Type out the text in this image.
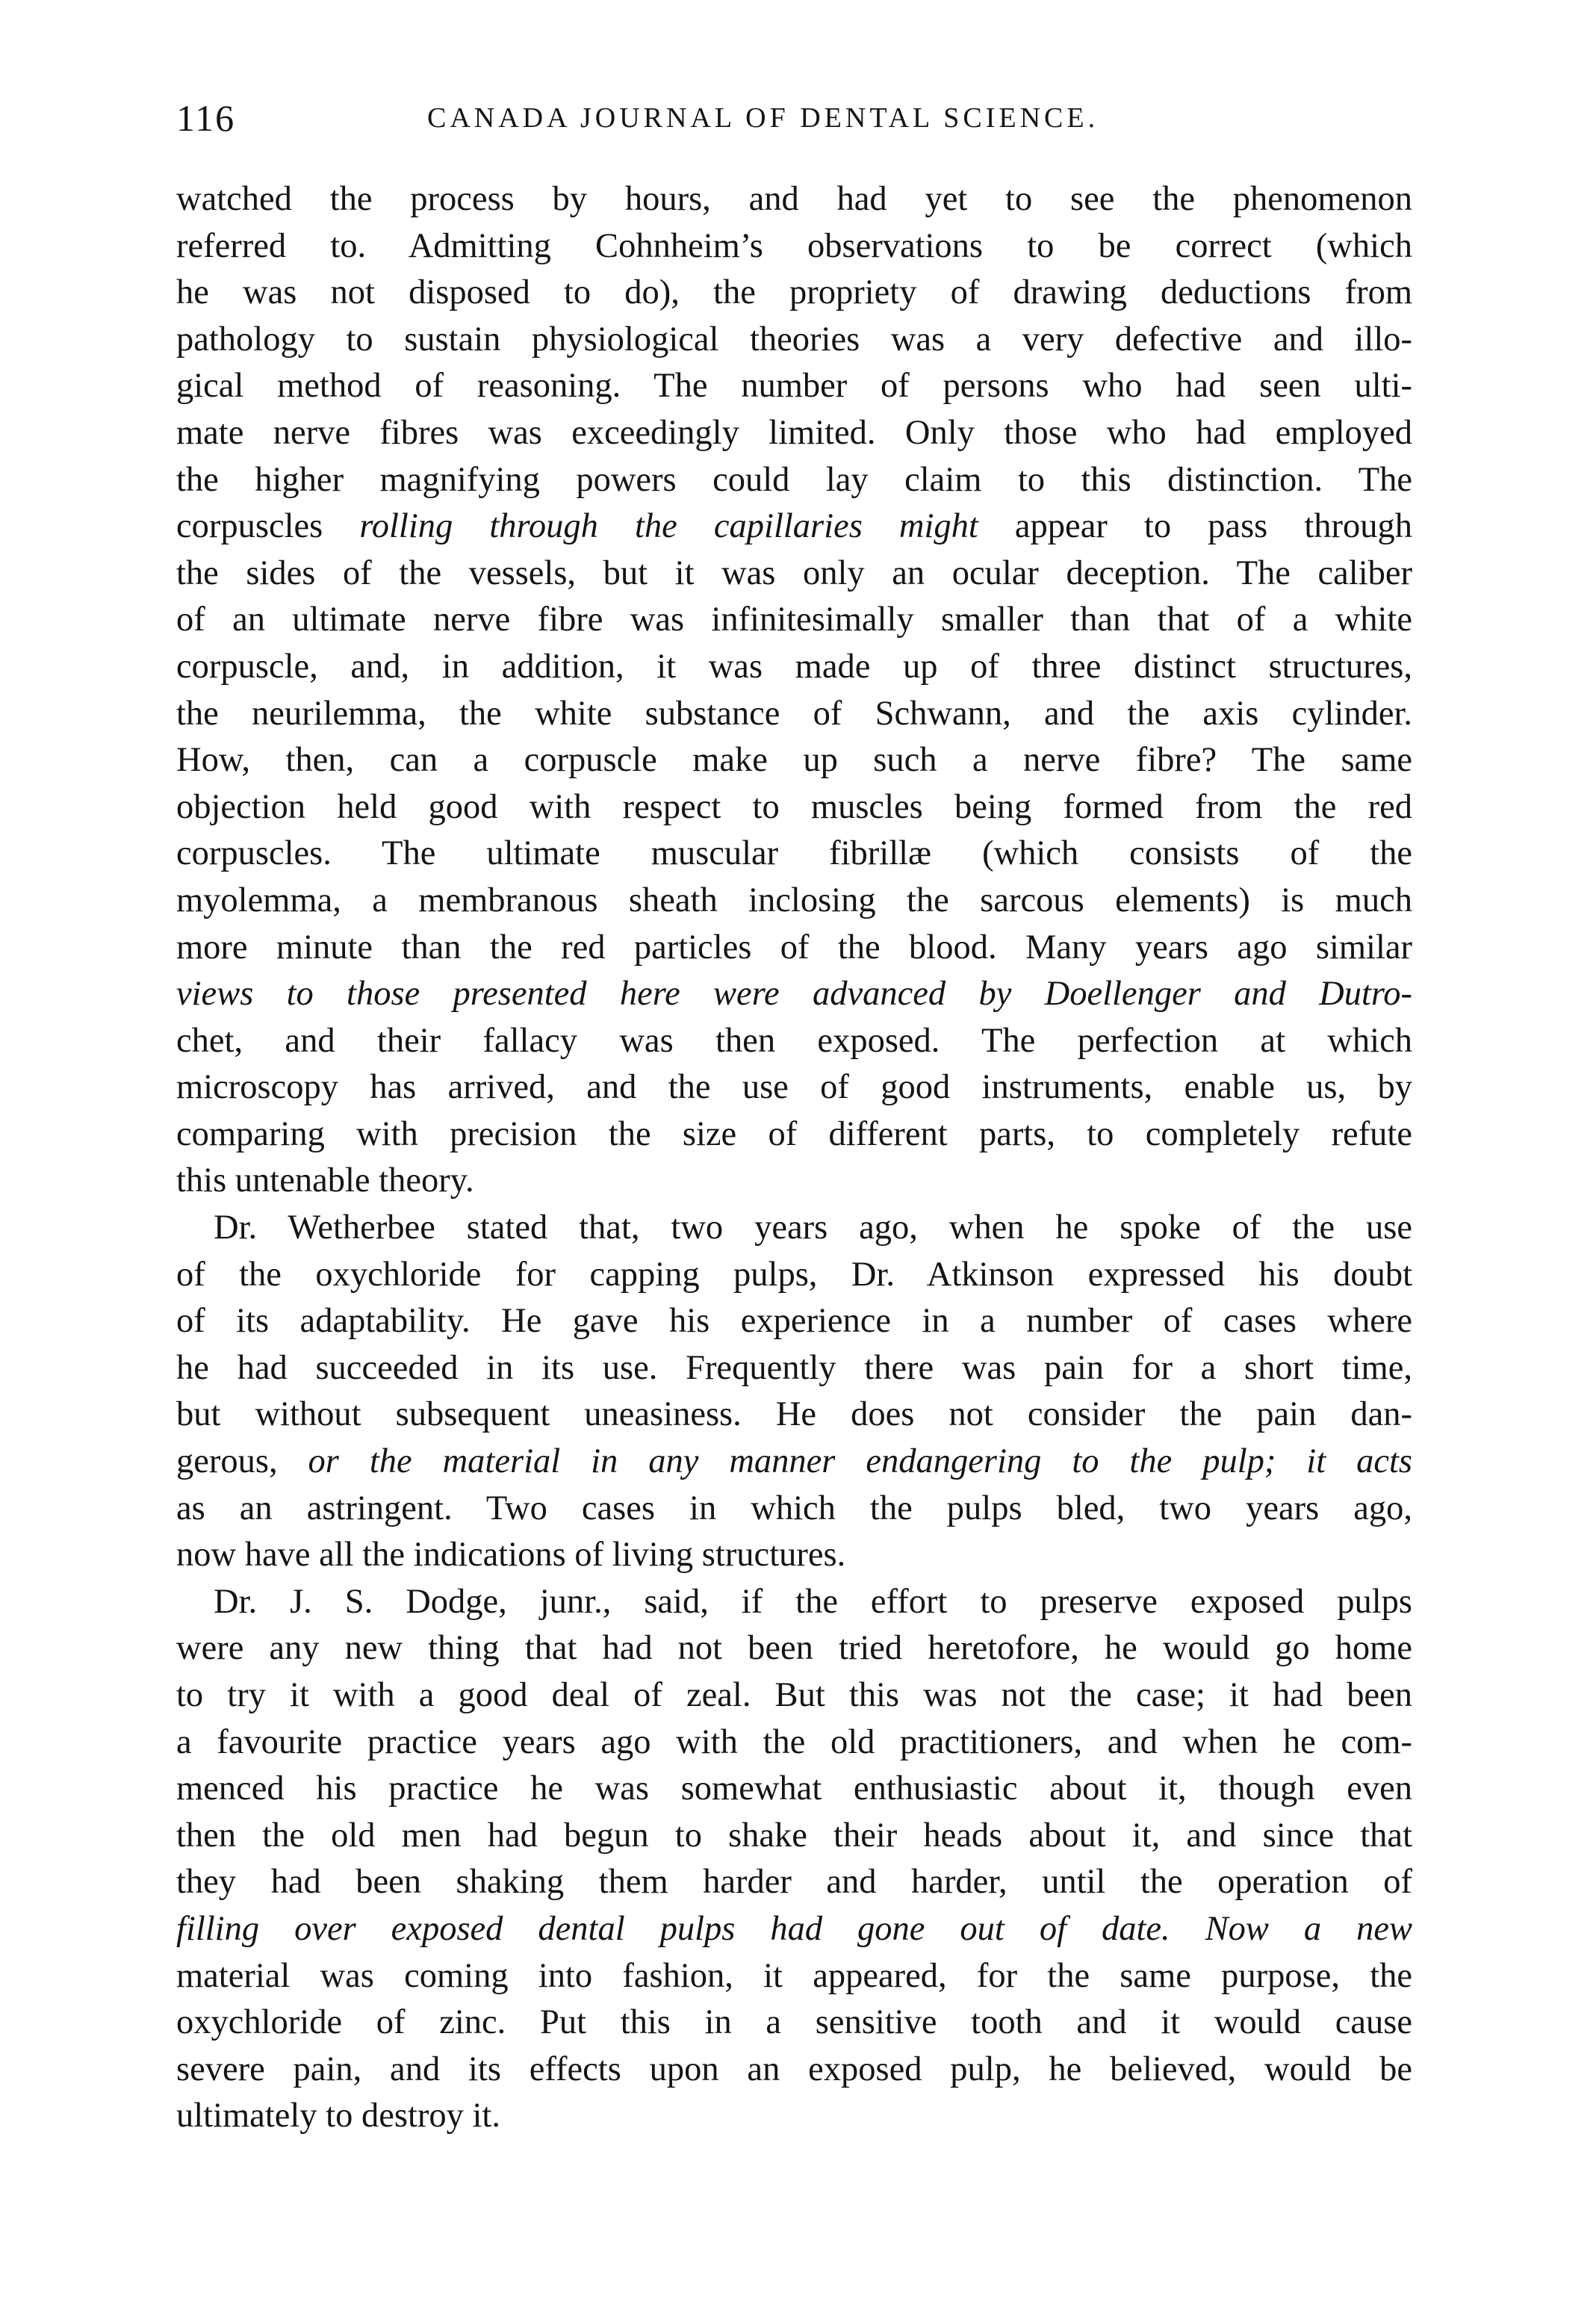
116	CANADA JOURNAL OF DENTAL SCIENCE.
watched the process by hours, and had yet to see the phenomenon
referred to. Admitting Cohnheim’s observations to be correct (which
he was not disposed to do), the propriety of drawing deductions from
pathology to sustain physiological theories was a very defective and illo-
gical method of reasoning. The number of persons who had seen ulti-
mate nerve fibres was exceedingly limited. Only those who had employed
the higher magnifying powers could lay claim to this distinction. The
corpuscles rolling through the capillaries might appear to pass through
the sides of the vessels, but it was only an ocular deception. The caliber
of an ultimate nerve fibre was infinitesimally smaller than that of a white
corpuscle, and, in addition, it was made up of three distinct structures,
the neurilemma, the white substance of Schwann, and the axis cylinder.
How, then, can a corpuscle make up such a nerve fibre? The same
objection held good with respect to muscles being formed from the red
corpuscles. The ultimate muscular fibrillæ (which consists of the
myolemma, a membranous sheath inclosing the sarcous elements) is much
more minute than the red particles of the blood. Many years ago similar
views to those presented here were advanced by Doellenger and Dutro-
chet, and their fallacy was then exposed. The perfection at which
microscopy has arrived, and the use of good instruments, enable us, by
comparing with precision the size of different parts, to completely refute
this untenable theory.
Dr. Wetherbee stated that, two years ago, when he spoke of the use
of the oxychloride for capping pulps, Dr. Atkinson expressed his doubt
of its adaptability. He gave his experience in a number of cases where
he had succeeded in its use. Frequently there was pain for a short time,
but without subsequent uneasiness. He does not consider the pain dan-
gerous, or the material in any manner endangering to the pulp; it acts
as an astringent. Two cases in which the pulps bled, two years ago,
now have all the indications of living structures.
Dr. J. S. Dodge, junr., said, if the effort to preserve exposed pulps
were any new thing that had not been tried heretofore, he would go home
to try it with a good deal of zeal. But this was not the case; it had been
a favourite practice years ago with the old practitioners, and when he com-
menced his practice he was somewhat enthusiastic about it, though even
then the old men had begun to shake their heads about it, and since that
they had been shaking them harder and harder, until the operation of
filling over exposed dental pulps had gone out of date. Now a new
material was coming into fashion, it appeared, for the same purpose, the
oxychloride of zinc. Put this in a sensitive tooth and it would cause
severe pain, and its effects upon an exposed pulp, he believed, would be
ultimately to destroy it.
